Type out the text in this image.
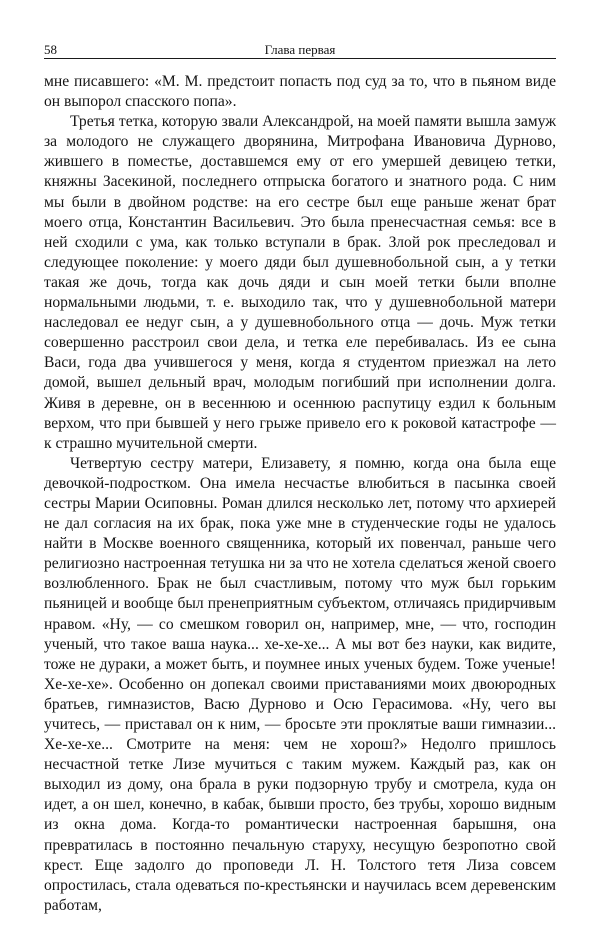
58	Глава первая

мне писавшего: «М. М. предстоит попасть под суд за то, что в пьяном виде он выпорол спасского попа».

Третья тетка, которую звали Александрой, на моей памяти вышла замуж за молодого не служащего дворянина, Митрофана Ивановича Дурново, жившего в поместье, доставшемся ему от его умершей девицею тетки, княжны Засекиной, последнего отпрыска богатого и знатного рода. С ним мы были в двойном родстве: на его сестре был еще раньше женат брат моего отца, Константин Васильевич. Это была пренесчастная семья: все в ней сходили с ума, как только вступали в брак. Злой рок преследовал и следующее поколение: у моего дяди был душевнобольной сын, а у тетки такая же дочь, тогда как дочь дяди и сын моей тетки были вполне нормальными людьми, т. е. выходило так, что у душевнобольной матери наследовал ее недуг сын, а у душевнобольного отца — дочь. Муж тетки совершенно расстроил свои дела, и тетка еле перебивалась. Из ее сына Васи, года два учившегося у меня, когда я студентом приезжал на лето домой, вышел дельный врач, молодым погибший при исполнении долга. Живя в деревне, он в весеннюю и осеннюю распутицу ездил к больным верхом, что при бывшей у него грыже привело его к роковой катастрофе — к страшно мучительной смерти.

Четвертую сестру матери, Елизавету, я помню, когда она была еще девочкой-подростком. Она имела несчастье влюбиться в пасынка своей сестры Марии Осиповны. Роман длился несколько лет, потому что архиерей не дал согласия на их брак, пока уже мне в студенческие годы не удалось найти в Москве военного священника, который их повенчал, раньше чего религиозно настроенная тетушка ни за что не хотела сделаться женой своего возлюбленного. Брак не был счастливым, потому что муж был горьким пьяницей и вообще был пренеприятным субъектом, отличаясь придирчивым нравом. «Ну, — со смешком говорил он, например, мне, — что, господин ученый, что такое ваша наука... хе-хе-хе... А мы вот без науки, как видите, тоже не дураки, а может быть, и поумнее иных ученых будем. Тоже ученые! Хе-хе-хе». Особенно он допекал своими приставаниями моих двоюродных братьев, гимназистов, Васю Дурново и Осю Герасимова. «Ну, чего вы учитесь, — приставал он к ним, — бросьте эти проклятые ваши гимназии... Хе-хе-хе... Смотрите на меня: чем не хорош?» Недолго пришлось несчастной тетке Лизе мучиться с таким мужем. Каждый раз, как он выходил из дому, она брала в руки подзорную трубу и смотрела, куда он идет, а он шел, конечно, в кабак, бывши просто, без трубы, хорошо видным из окна дома. Когда-то романтически настроенная барышня, она превратилась в постоянно печальную старуху, несущую безропотно свой крест. Еще задолго до проповеди Л. Н. Толстого тетя Лиза совсем опростилась, стала одеваться по-крестьянски и научилась всем деревенским работам,
